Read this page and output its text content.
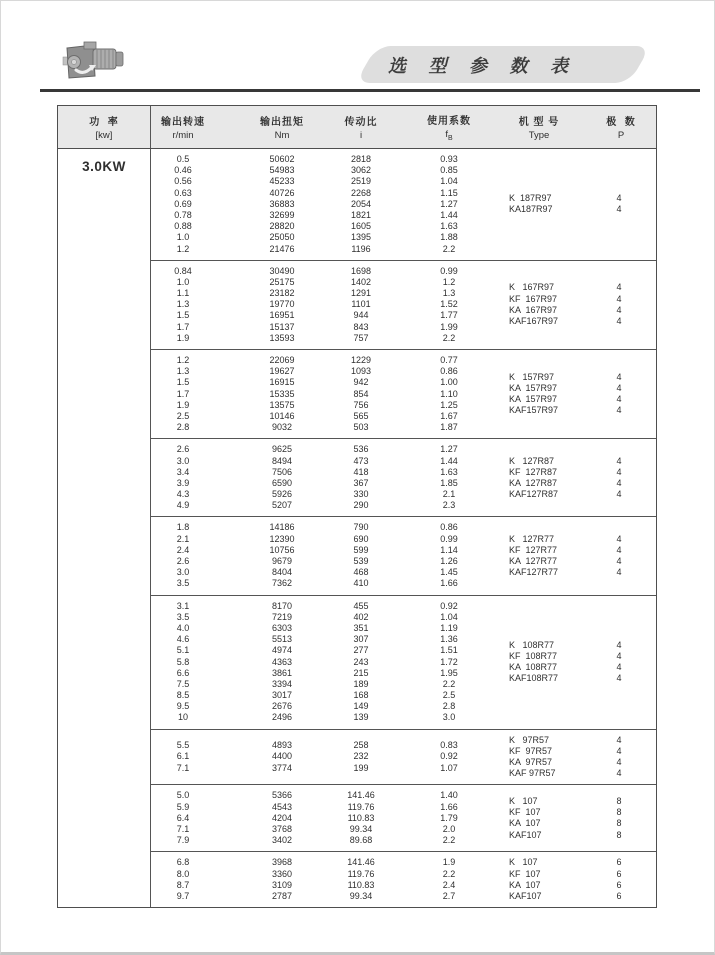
选 型 参 数 表
功  率
[kw]
输出转速
r/min
输出扭矩
Nm
传动比
i
使用系数
$f_B$
机 型 号
Type
极  数
P
3.0KW	0.5	50602	2818	0.93
0.46	54983	3062	0.85
0.56	45233	2519	1.04
0.63	40726	2268	1.15
0.69	36883	2054	1.27
0.78	32699	1821	1.44
0.88	28820	1605	1.63
1.0	25050	1395	1.88
1.2	21476	1196	2.2
K  187R97	4
KA187R97	4
0.84	30490	1698	0.99
1.0	25175	1402	1.2
1.1	23182	1291	1.3
1.3	19770	1101	1.52
1.5	16951	944	1.77
1.7	15137	843	1.99
1.9	13593	757	2.2
K   167R97	4
KF  167R97	4
KA  167R97	4
KAF167R97	4
1.2	22069	1229	0.77
1.3	19627	1093	0.86
1.5	16915	942	1.00
1.7	15335	854	1.10
1.9	13575	756	1.25
2.5	10146	565	1.67
2.8	9032	503	1.87
K   157R97	4
KA  157R97	4
KA  157R97	4
KAF157R97	4
2.6	9625	536	1.27
3.0	8494	473	1.44
3.4	7506	418	1.63
3.9	6590	367	1.85
4.3	5926	330	2.1
4.9	5207	290	2.3
K   127R87	4
KF  127R87	4
KA  127R87	4
KAF127R87	4
1.8	14186	790	0.86
2.1	12390	690	0.99
2.4	10756	599	1.14
2.6	9679	539	1.26
3.0	8404	468	1.45
3.5	7362	410	1.66
K   127R77	4
KF  127R77	4
KA  127R77	4
KAF127R77	4
3.1	8170	455	0.92
3.5	7219	402	1.04
4.0	6303	351	1.19
4.6	5513	307	1.36
5.1	4974	277	1.51
5.8	4363	243	1.72
6.6	3861	215	1.95
7.5	3394	189	2.2
8.5	3017	168	2.5
9.5	2676	149	2.8
10	2496	139	3.0
K   108R77	4
KF  108R77	4
KA  108R77	4
KAF108R77	4
5.5	4893	258	0.83
6.1	4400	232	0.92
7.1	3774	199	1.07
K   97R57	4
KF  97R57	4
KA  97R57	4
KAF 97R57	4
5.0	5366	141.46	1.40
5.9	4543	119.76	1.66
6.4	4204	110.83	1.79
7.1	3768	99.34	2.0
7.9	3402	89.68	2.2
K   107	8
KF  107	8
KA  107	8
KAF107	8
6.8	3968	141.46	1.9
8.0	3360	119.76	2.2
8.7	3109	110.83	2.4
9.7	2787	99.34	2.7
K   107	6
KF  107	6
KA  107	6
KAF107	6
